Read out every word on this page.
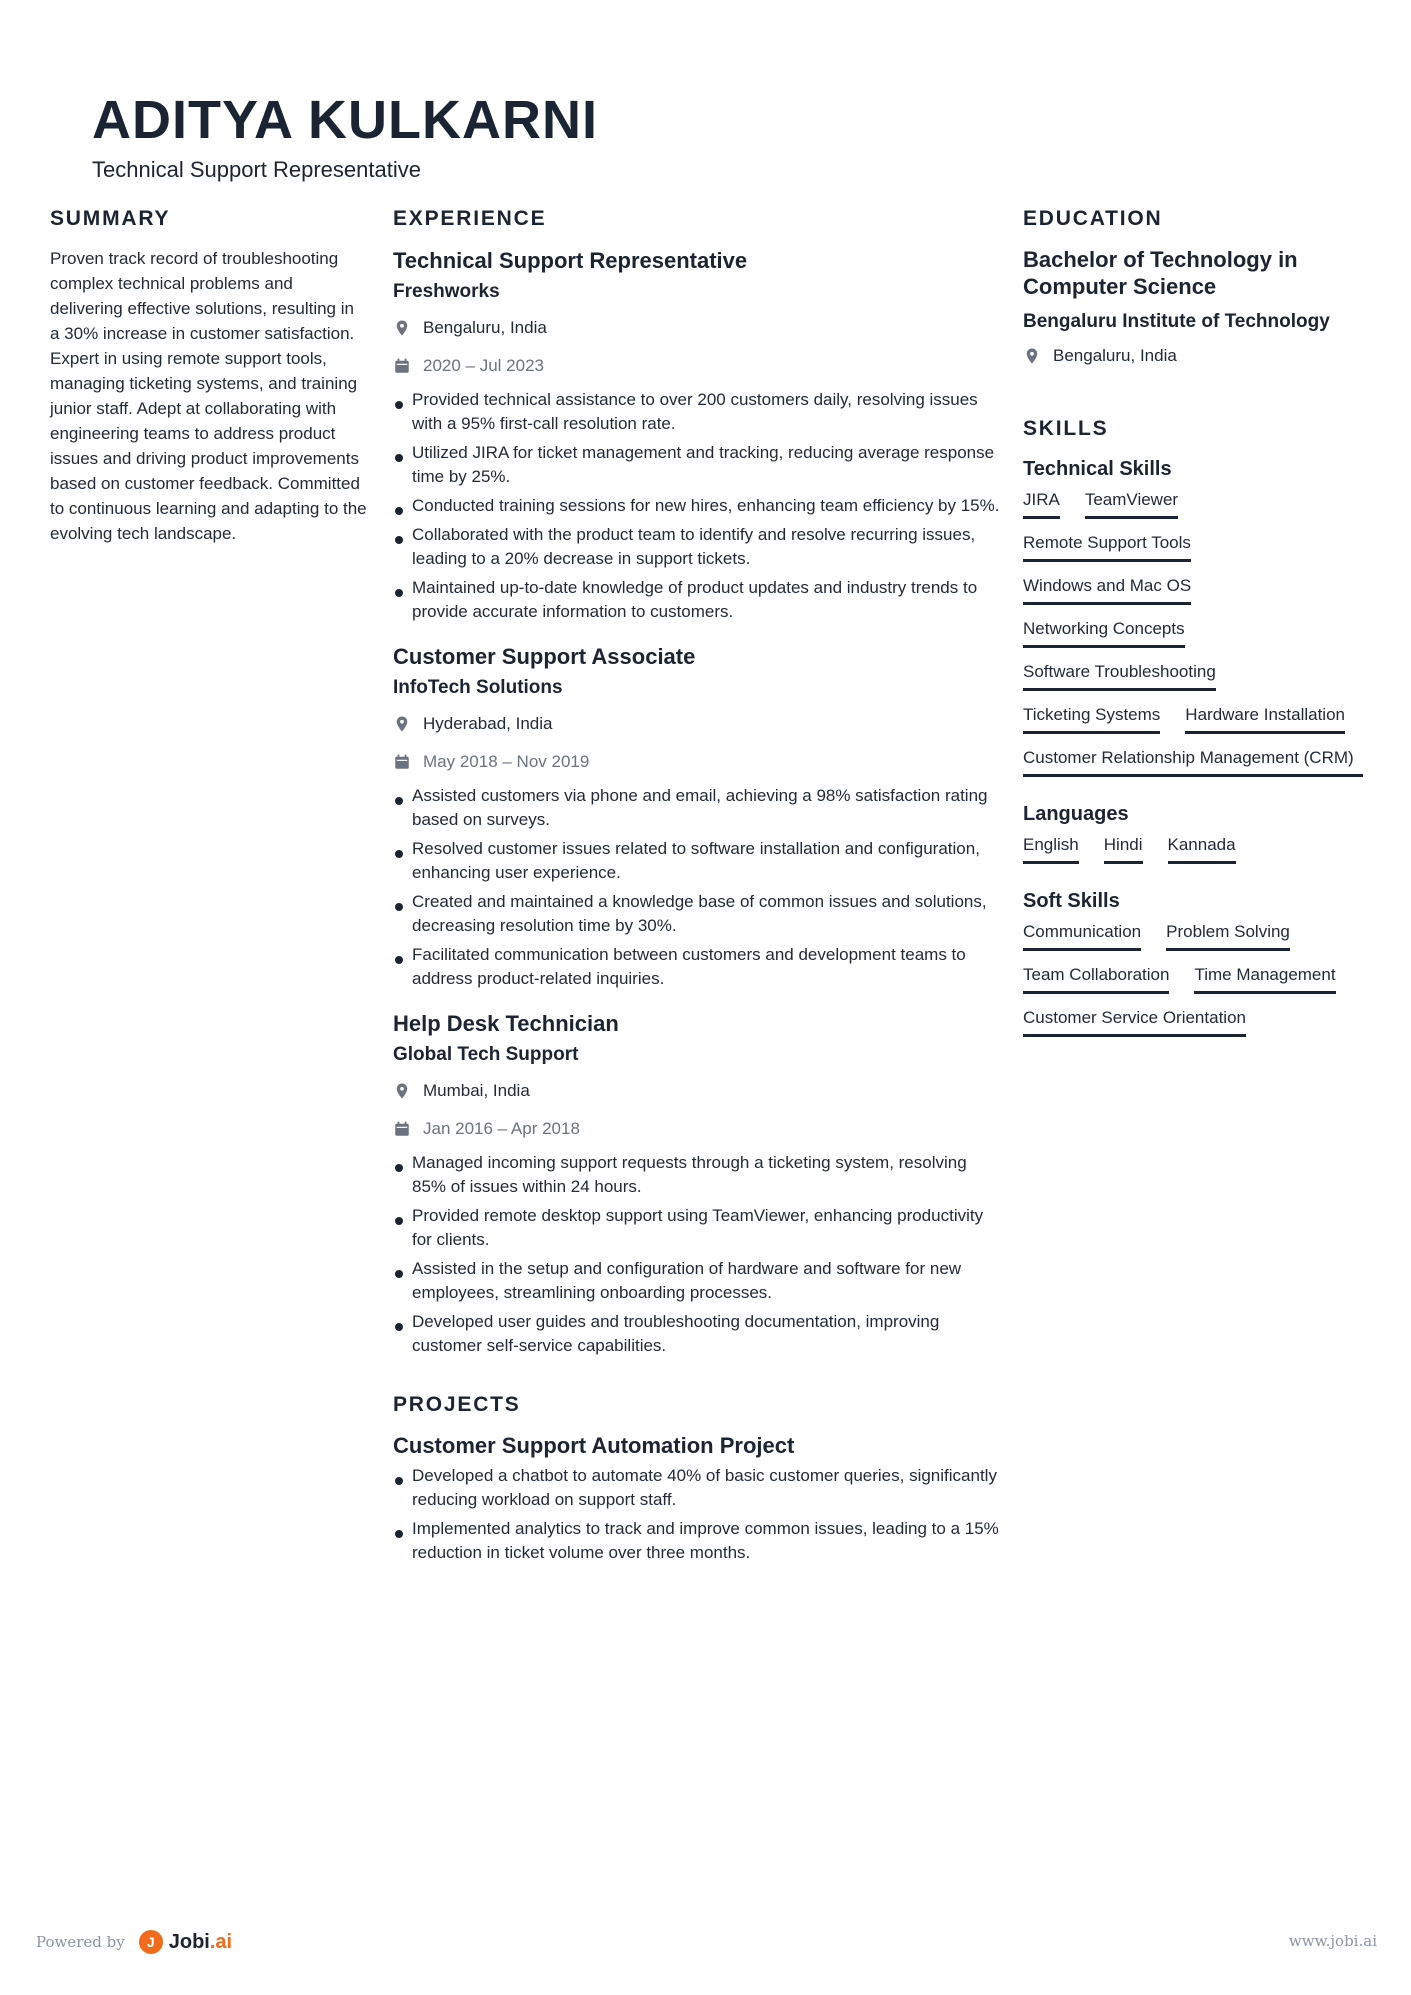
ADITYA KULKARNI
Technical Support Representative
SUMMARY
Proven track record of troubleshooting complex technical problems and delivering effective solutions, resulting in a 30% increase in customer satisfaction. Expert in using remote support tools, managing ticketing systems, and training junior staff. Adept at collaborating with engineering teams to address product issues and driving product improvements based on customer feedback. Committed to continuous learning and adapting to the evolving tech landscape.
EXPERIENCE
Technical Support Representative
Freshworks
Bengaluru, India
2020 – Jul 2023
Provided technical assistance to over 200 customers daily, resolving issues with a 95% first-call resolution rate.
Utilized JIRA for ticket management and tracking, reducing average response time by 25%.
Conducted training sessions for new hires, enhancing team efficiency by 15%.
Collaborated with the product team to identify and resolve recurring issues, leading to a 20% decrease in support tickets.
Maintained up-to-date knowledge of product updates and industry trends to provide accurate information to customers.
Customer Support Associate
InfoTech Solutions
Hyderabad, India
May 2018 – Nov 2019
Assisted customers via phone and email, achieving a 98% satisfaction rating based on surveys.
Resolved customer issues related to software installation and configuration, enhancing user experience.
Created and maintained a knowledge base of common issues and solutions, decreasing resolution time by 30%.
Facilitated communication between customers and development teams to address product-related inquiries.
Help Desk Technician
Global Tech Support
Mumbai, India
Jan 2016 – Apr 2018
Managed incoming support requests through a ticketing system, resolving 85% of issues within 24 hours.
Provided remote desktop support using TeamViewer, enhancing productivity for clients.
Assisted in the setup and configuration of hardware and software for new employees, streamlining onboarding processes.
Developed user guides and troubleshooting documentation, improving customer self-service capabilities.
PROJECTS
Customer Support Automation Project
Developed a chatbot to automate 40% of basic customer queries, significantly reducing workload on support staff.
Implemented analytics to track and improve common issues, leading to a 15% reduction in ticket volume over three months.
EDUCATION
Bachelor of Technology in Computer Science
Bengaluru Institute of Technology
Bengaluru, India
SKILLS
Technical Skills
JIRA TeamViewer
Remote Support Tools
Windows and Mac OS
Networking Concepts
Software Troubleshooting
Ticketing Systems Hardware Installation
Customer Relationship Management (CRM)
Languages
English Hindi Kannada
Soft Skills
Communication Problem Solving
Team Collaboration Time Management
Customer Service Orientation
Powered by	J Jobi.ai	www.jobi.ai
